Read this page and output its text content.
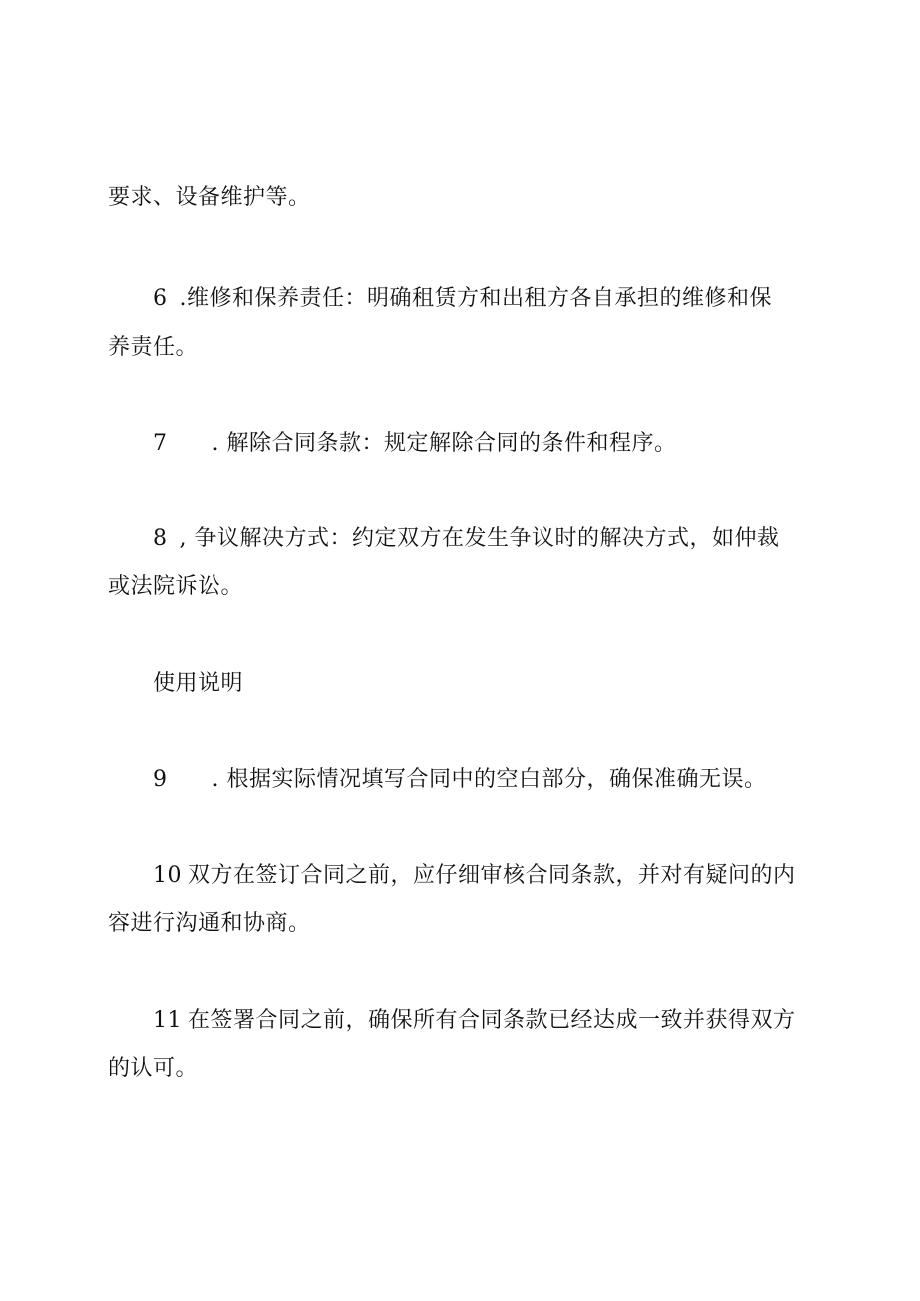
要求、设备维护等。
6 .维修和保养责任：明确租赁方和出租方各自承担的维修和保
养责任。
7 . 解除合同条款：规定解除合同的条件和程序。
8 , 争议解决方式：约定双方在发生争议时的解决方式，如仲裁
或法院诉讼。
使用说明
9 . 根据实际情况填写合同中的空白部分，确保准确无误。
10 双方在签订合同之前，应仔细审核合同条款，并对有疑问的内
容进行沟通和协商。
11 在签署合同之前，确保所有合同条款已经达成一致并获得双方
的认可。
